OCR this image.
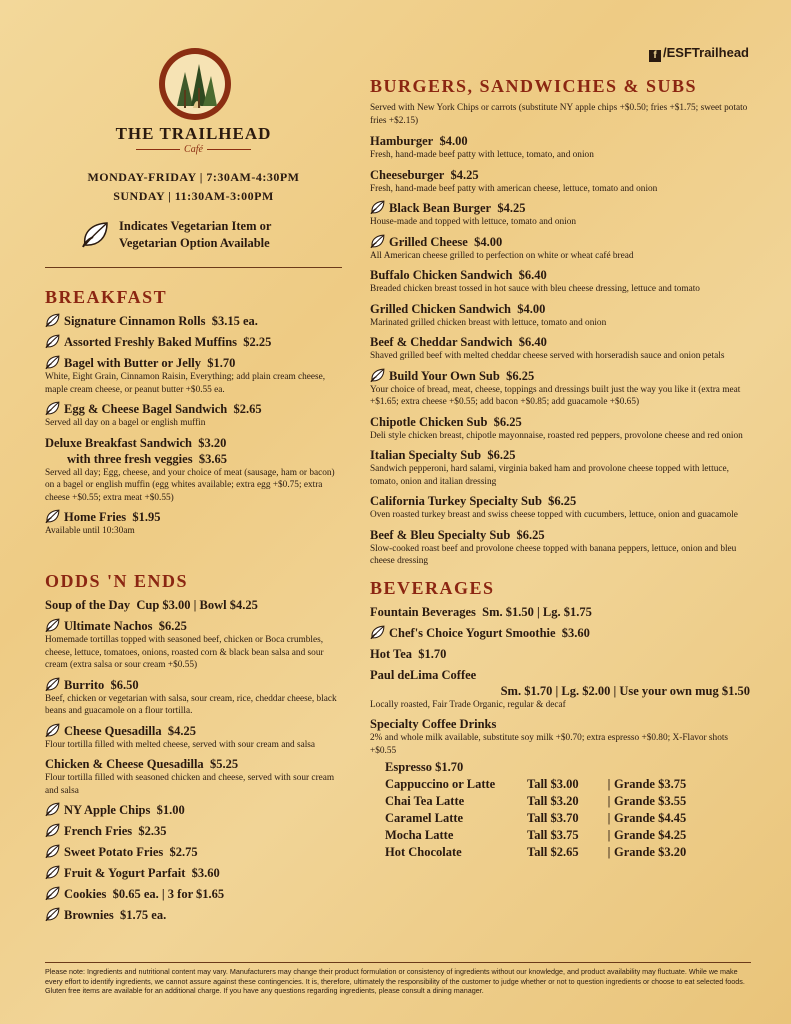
f /ESFTrailhead
THE TRAILHEAD
Café
MONDAY-FRIDAY | 7:30AM-4:30PM
SUNDAY | 11:30AM-3:00PM
Indicates Vegetarian Item or
Vegetarian Option Available
BREAKFAST
Signature Cinnamon Rolls $3.15 ea.
Assorted Freshly Baked Muffins $2.25
Bagel with Butter or Jelly $1.70
White, Eight Grain, Cinnamon Raisin, Everything; add plain cream cheese, maple cream cheese, or peanut butter +$0.55 ea.
Egg & Cheese Bagel Sandwich $2.65
Served all day on a bagel or english muffin
Deluxe Breakfast Sandwich $3.20
with three fresh veggies $3.65
Served all day; Egg, cheese, and your choice of meat (sausage, ham or bacon) on a bagel or english muffin (egg whites available; extra egg +$0.75; extra cheese +$0.55; extra meat +$0.55)
Home Fries $1.95
Available until 10:30am
ODDS 'N ENDS
Soup of the Day Cup $3.00 | Bowl $4.25
Ultimate Nachos $6.25
Homemade tortillas topped with seasoned beef, chicken or Boca crumbles, cheese, lettuce, tomatoes, onions, roasted corn & black bean salsa and sour cream (extra salsa or sour cream +$0.55)
Burrito $6.50
Beef, chicken or vegetarian with salsa, sour cream, rice, cheddar cheese, black beans and guacamole on a flour tortilla.
Cheese Quesadilla $4.25
Flour tortilla filled with melted cheese, served with sour cream and salsa
Chicken & Cheese Quesadilla $5.25
Flour tortilla filled with seasoned chicken and cheese, served with sour cream and salsa
NY Apple Chips $1.00
French Fries $2.35
Sweet Potato Fries $2.75
Fruit & Yogurt Parfait $3.60
Cookies $0.65 ea. | 3 for $1.65
Brownies $1.75 ea.
BURGERS, SANDWICHES & SUBS
Served with New York Chips or carrots (substitute NY apple chips +$0.50; fries +$1.75; sweet potato fries +$2.15)
Hamburger $4.00
Fresh, hand-made beef patty with lettuce, tomato, and onion
Cheeseburger $4.25
Fresh, hand-made beef patty with american cheese, lettuce, tomato and onion
Black Bean Burger $4.25
House-made and topped with lettuce, tomato and onion
Grilled Cheese $4.00
All American cheese grilled to perfection on white or wheat café bread
Buffalo Chicken Sandwich $6.40
Breaded chicken breast tossed in hot sauce with bleu cheese dressing, lettuce and tomato
Grilled Chicken Sandwich $4.00
Marinated grilled chicken breast with lettuce, tomato and onion
Beef & Cheddar Sandwich $6.40
Shaved grilled beef with melted cheddar cheese served with horseradish sauce and onion petals
Build Your Own Sub $6.25
Your choice of bread, meat, cheese, toppings and dressings built just the way you like it (extra meat +$1.65; extra cheese +$0.55; add bacon +$0.85; add guacamole +$0.65)
Chipotle Chicken Sub $6.25
Deli style chicken breast, chipotle mayonnaise, roasted red peppers, provolone cheese and red onion
Italian Specialty Sub $6.25
Sandwich pepperoni, hard salami, virginia baked ham and provolone cheese topped with lettuce, tomato, onion and italian dressing
California Turkey Specialty Sub $6.25
Oven roasted turkey breast and swiss cheese topped with cucumbers, lettuce, onion and guacamole
Beef & Bleu Specialty Sub $6.25
Slow-cooked roast beef and provolone cheese topped with banana peppers, lettuce, onion and bleu cheese dressing
BEVERAGES
Fountain Beverages Sm. $1.50 | Lg. $1.75
Chef's Choice Yogurt Smoothie $3.60
Hot Tea $1.70
Paul deLima Coffee
Sm. $1.70 | Lg. $2.00 | Use your own mug $1.50
Locally roasted, Fair Trade Organic, regular & decaf
Specialty Coffee Drinks
2% and whole milk available, substitute soy milk +$0.70; extra espresso +$0.80; X-Flavor shots +$0.55
Espresso $1.70			
Cappuccino or Latte	Tall $3.00	|	Grande $3.75
Chai Tea Latte	Tall $3.20	|	Grande $3.55
Caramel Latte	Tall $3.70	|	Grande $4.45
Mocha Latte	Tall $3.75	|	Grande $4.25
Hot Chocolate	Tall $2.65	|	Grande $3.20
Please note: Ingredients and nutritional content may vary. Manufacturers may change their product formulation or consistency of ingredients without our knowledge, and product availability may fluctuate. While we make every effort to identify ingredients, we cannot assure against these contingencies. It is, therefore, ultimately the responsibility of the customer to judge whether or not to question ingredients or choose to eat selected foods. Gluten free items are available for an additional charge. If you have any questions regarding ingredients, please consult a dining manager.
